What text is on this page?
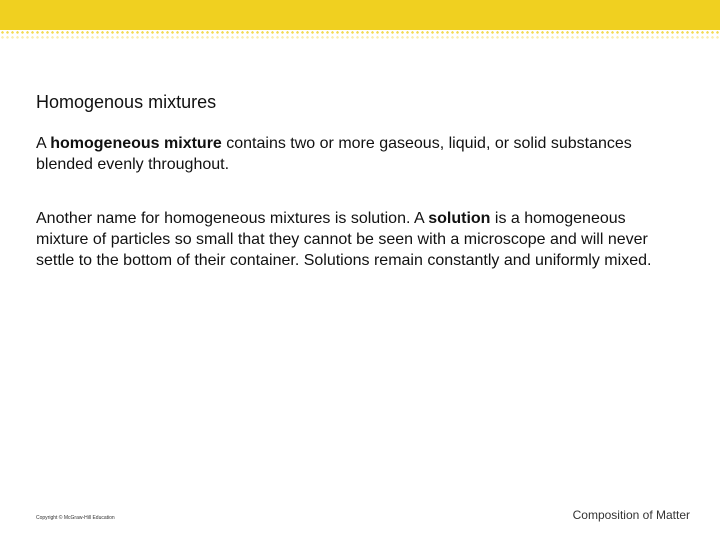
Homogenous mixtures

A homogeneous mixture contains two or more gaseous, liquid, or solid substances blended evenly throughout.

Another name for homogeneous mixtures is solution. A solution is a homogeneous mixture of particles so small that they cannot be seen with a microscope and will never settle to the bottom of their container. Solutions remain constantly and uniformly mixed.

Copyright © McGraw-Hill Education	Composition of Matter
